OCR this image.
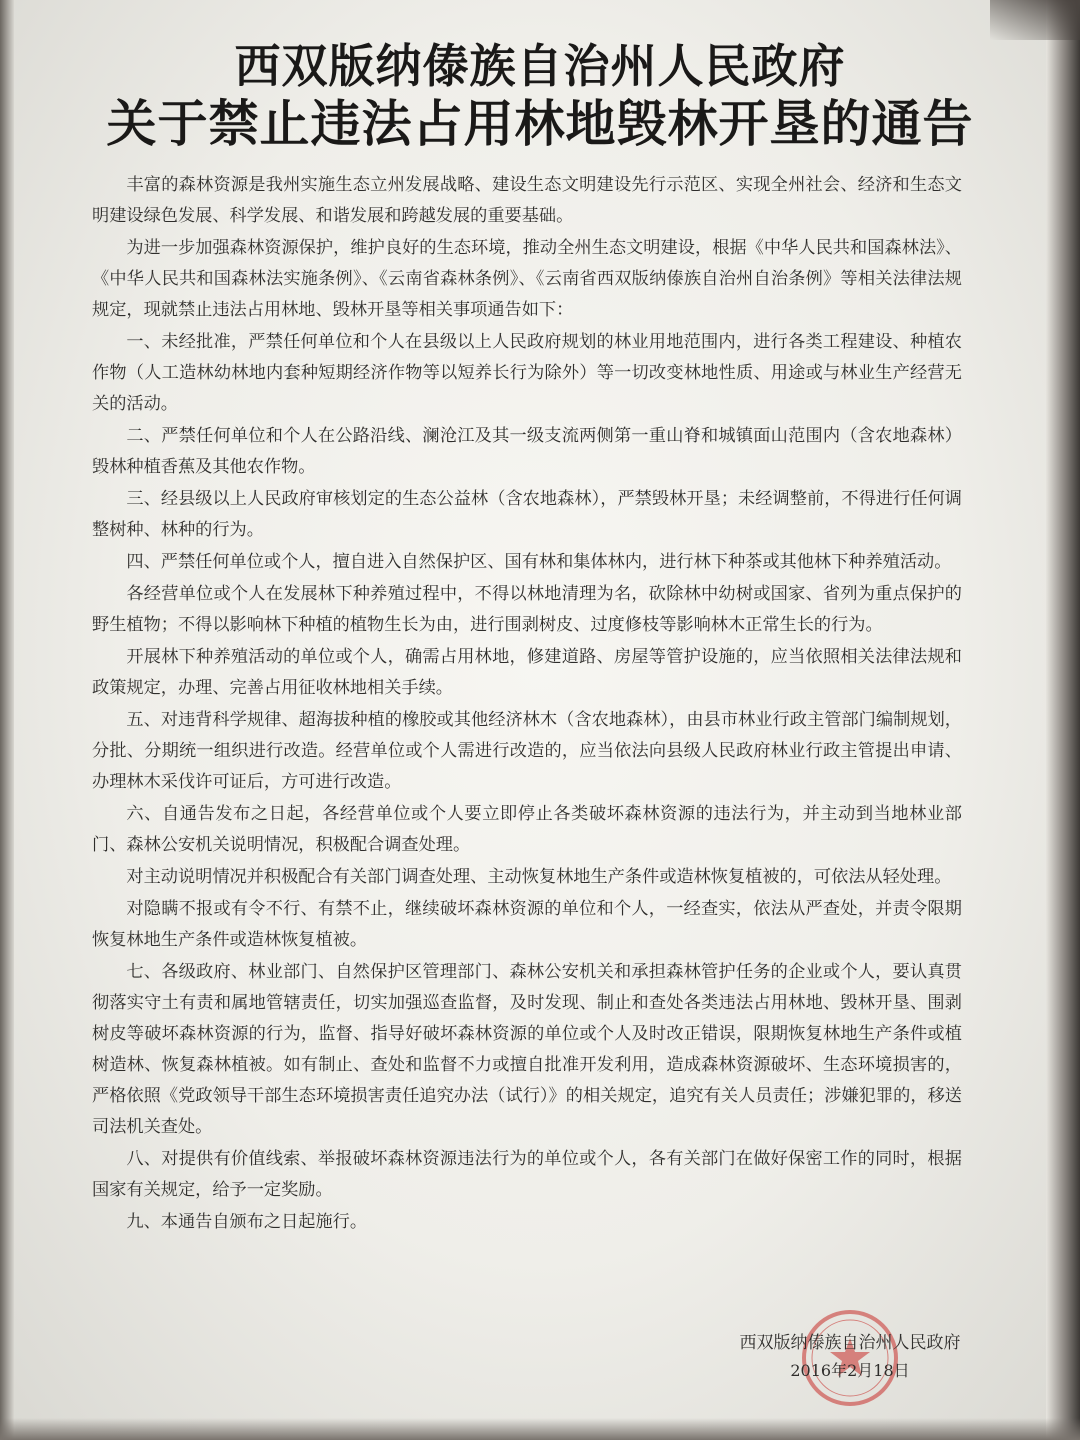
西双版纳傣族自治州人民政府
关于禁止违法占用林地毁林开垦的通告

丰富的森林资源是我州实施生态立州发展战略、建设生态文明建设先行示范区、实现全州社会、经济和生态文明建设绿色发展、科学发展、和谐发展和跨越发展的重要基础。

为进一步加强森林资源保护，维护良好的生态环境，推动全州生态文明建设，根据《中华人民共和国森林法》、《中华人民共和国森林法实施条例》、《云南省森林条例》、《云南省西双版纳傣族自治州自治条例》等相关法律法规规定，现就禁止违法占用林地、毁林开垦等相关事项通告如下：

一、未经批准，严禁任何单位和个人在县级以上人民政府规划的林业用地范围内，进行各类工程建设、种植农作物（人工造林幼林地内套种短期经济作物等以短养长行为除外）等一切改变林地性质、用途或与林业生产经营无关的活动。

二、严禁任何单位和个人在公路沿线、澜沧江及其一级支流两侧第一重山脊和城镇面山范围内（含农地森林）毁林种植香蕉及其他农作物。

三、经县级以上人民政府审核划定的生态公益林（含农地森林），严禁毁林开垦；未经调整前，不得进行任何调整树种、林种的行为。

四、严禁任何单位或个人，擅自进入自然保护区、国有林和集体林内，进行林下种茶或其他林下种养殖活动。

各经营单位或个人在发展林下种养殖过程中，不得以林地清理为名，砍除林中幼树或国家、省列为重点保护的野生植物；不得以影响林下种植的植物生长为由，进行围剥树皮、过度修枝等影响林木正常生长的行为。

开展林下种养殖活动的单位或个人，确需占用林地，修建道路、房屋等管护设施的，应当依照相关法律法规和政策规定，办理、完善占用征收林地相关手续。

五、对违背科学规律、超海拔种植的橡胶或其他经济林木（含农地森林），由县市林业行政主管部门编制规划，分批、分期统一组织进行改造。经营单位或个人需进行改造的，应当依法向县级人民政府林业行政主管提出申请、办理林木采伐许可证后，方可进行改造。

六、自通告发布之日起，各经营单位或个人要立即停止各类破坏森林资源的违法行为，并主动到当地林业部门、森林公安机关说明情况，积极配合调查处理。

对主动说明情况并积极配合有关部门调查处理、主动恢复林地生产条件或造林恢复植被的，可依法从轻处理。

对隐瞒不报或有令不行、有禁不止，继续破坏森林资源的单位和个人，一经查实，依法从严查处，并责令限期恢复林地生产条件或造林恢复植被。

七、各级政府、林业部门、自然保护区管理部门、森林公安机关和承担森林管护任务的企业或个人，要认真贯彻落实守土有责和属地管辖责任，切实加强巡查监督，及时发现、制止和查处各类违法占用林地、毁林开垦、围剥树皮等破坏森林资源的行为，监督、指导好破坏森林资源的单位或个人及时改正错误，限期恢复林地生产条件或植树造林、恢复森林植被。如有制止、查处和监督不力或擅自批准开发利用，造成森林资源破坏、生态环境损害的，严格依照《党政领导干部生态环境损害责任追究办法（试行）》的相关规定，追究有关人员责任；涉嫌犯罪的，移送司法机关查处。

八、对提供有价值线索、举报破坏森林资源违法行为的单位或个人，各有关部门在做好保密工作的同时，根据国家有关规定，给予一定奖励。

九、本通告自颁布之日起施行。

西双版纳傣族自治州人民政府
2016年2月18日
